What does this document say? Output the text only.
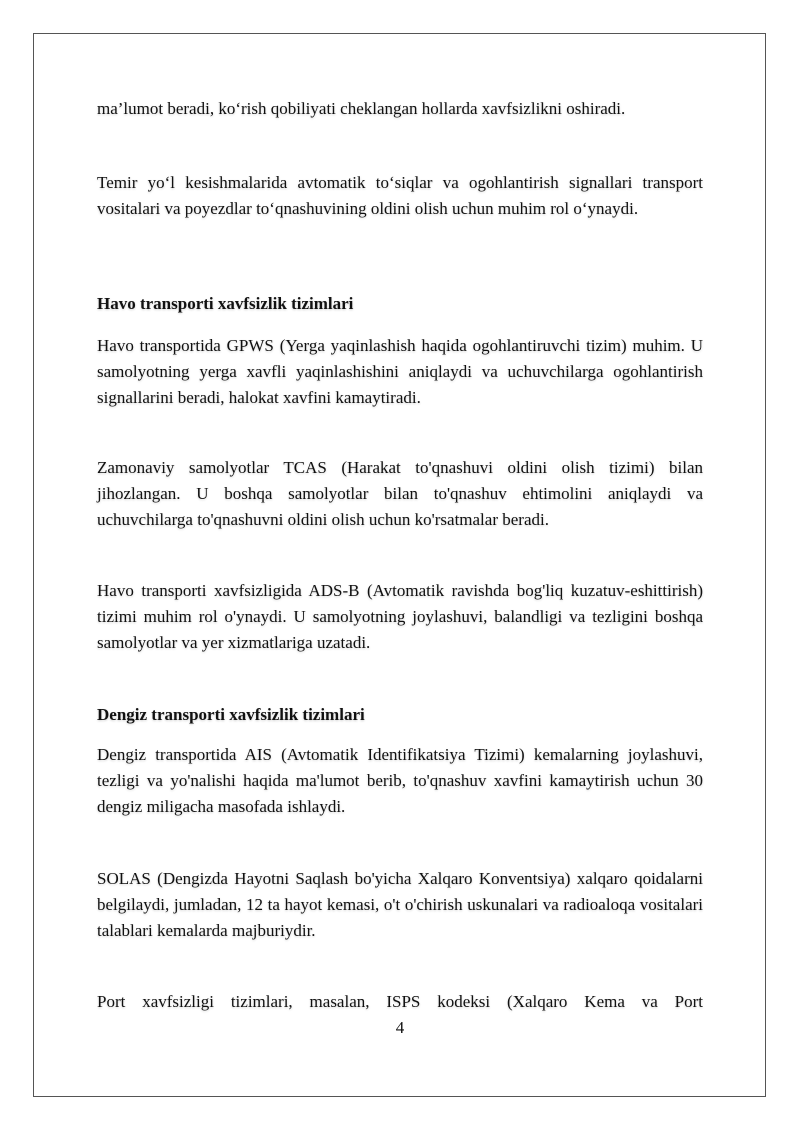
ma’lumot beradi, ko‘rish qobiliyati cheklangan hollarda xavfsizlikni oshiradi.

Temir yo‘l kesishmalarida avtomatik to‘siqlar va ogohlantirish signallari transport vositalari va poyezdlar to‘qnashuvining oldini olish uchun muhim rol o‘ynaydi.

Havo transporti xavfsizlik tizimlari

Havo transportida GPWS (Yerga yaqinlashish haqida ogohlantiruvchi tizim) muhim. U samolyotning yerga xavfli yaqinlashishini aniqlaydi va uchuvchilarga ogohlantirish signallarini beradi, halokat xavfini kamaytiradi.

Zamonaviy samolyotlar TCAS (Harakat to'qnashuvi oldini olish tizimi) bilan jihozlangan. U boshqa samolyotlar bilan to'qnashuv ehtimolini aniqlaydi va uchuvchilarga to'qnashuvni oldini olish uchun ko'rsatmalar beradi.

Havo transporti xavfsizligida ADS-B (Avtomatik ravishda bog'liq kuzatuv-eshittirish) tizimi muhim rol o'ynaydi. U samolyotning joylashuvi, balandligi va tezligini boshqa samolyotlar va yer xizmatlariga uzatadi.

Dengiz transporti xavfsizlik tizimlari

Dengiz transportida AIS (Avtomatik Identifikatsiya Tizimi) kemalarning joylashuvi, tezligi va yo'nalishi haqida ma'lumot berib, to'qnashuv xavfini kamaytirish uchun 30 dengiz miligacha masofada ishlaydi.

SOLAS (Dengizda Hayotni Saqlash bo'yicha Xalqaro Konventsiya) xalqaro qoidalarni belgilaydi, jumladan, 12 ta hayot kemasi, o't o'chirish uskunalari va radioaloqa vositalari talablari kemalarda majburiydir.

Port xavfsizligi tizimlari, masalan, ISPS kodeksi (Xalqaro Kema va Port

4
